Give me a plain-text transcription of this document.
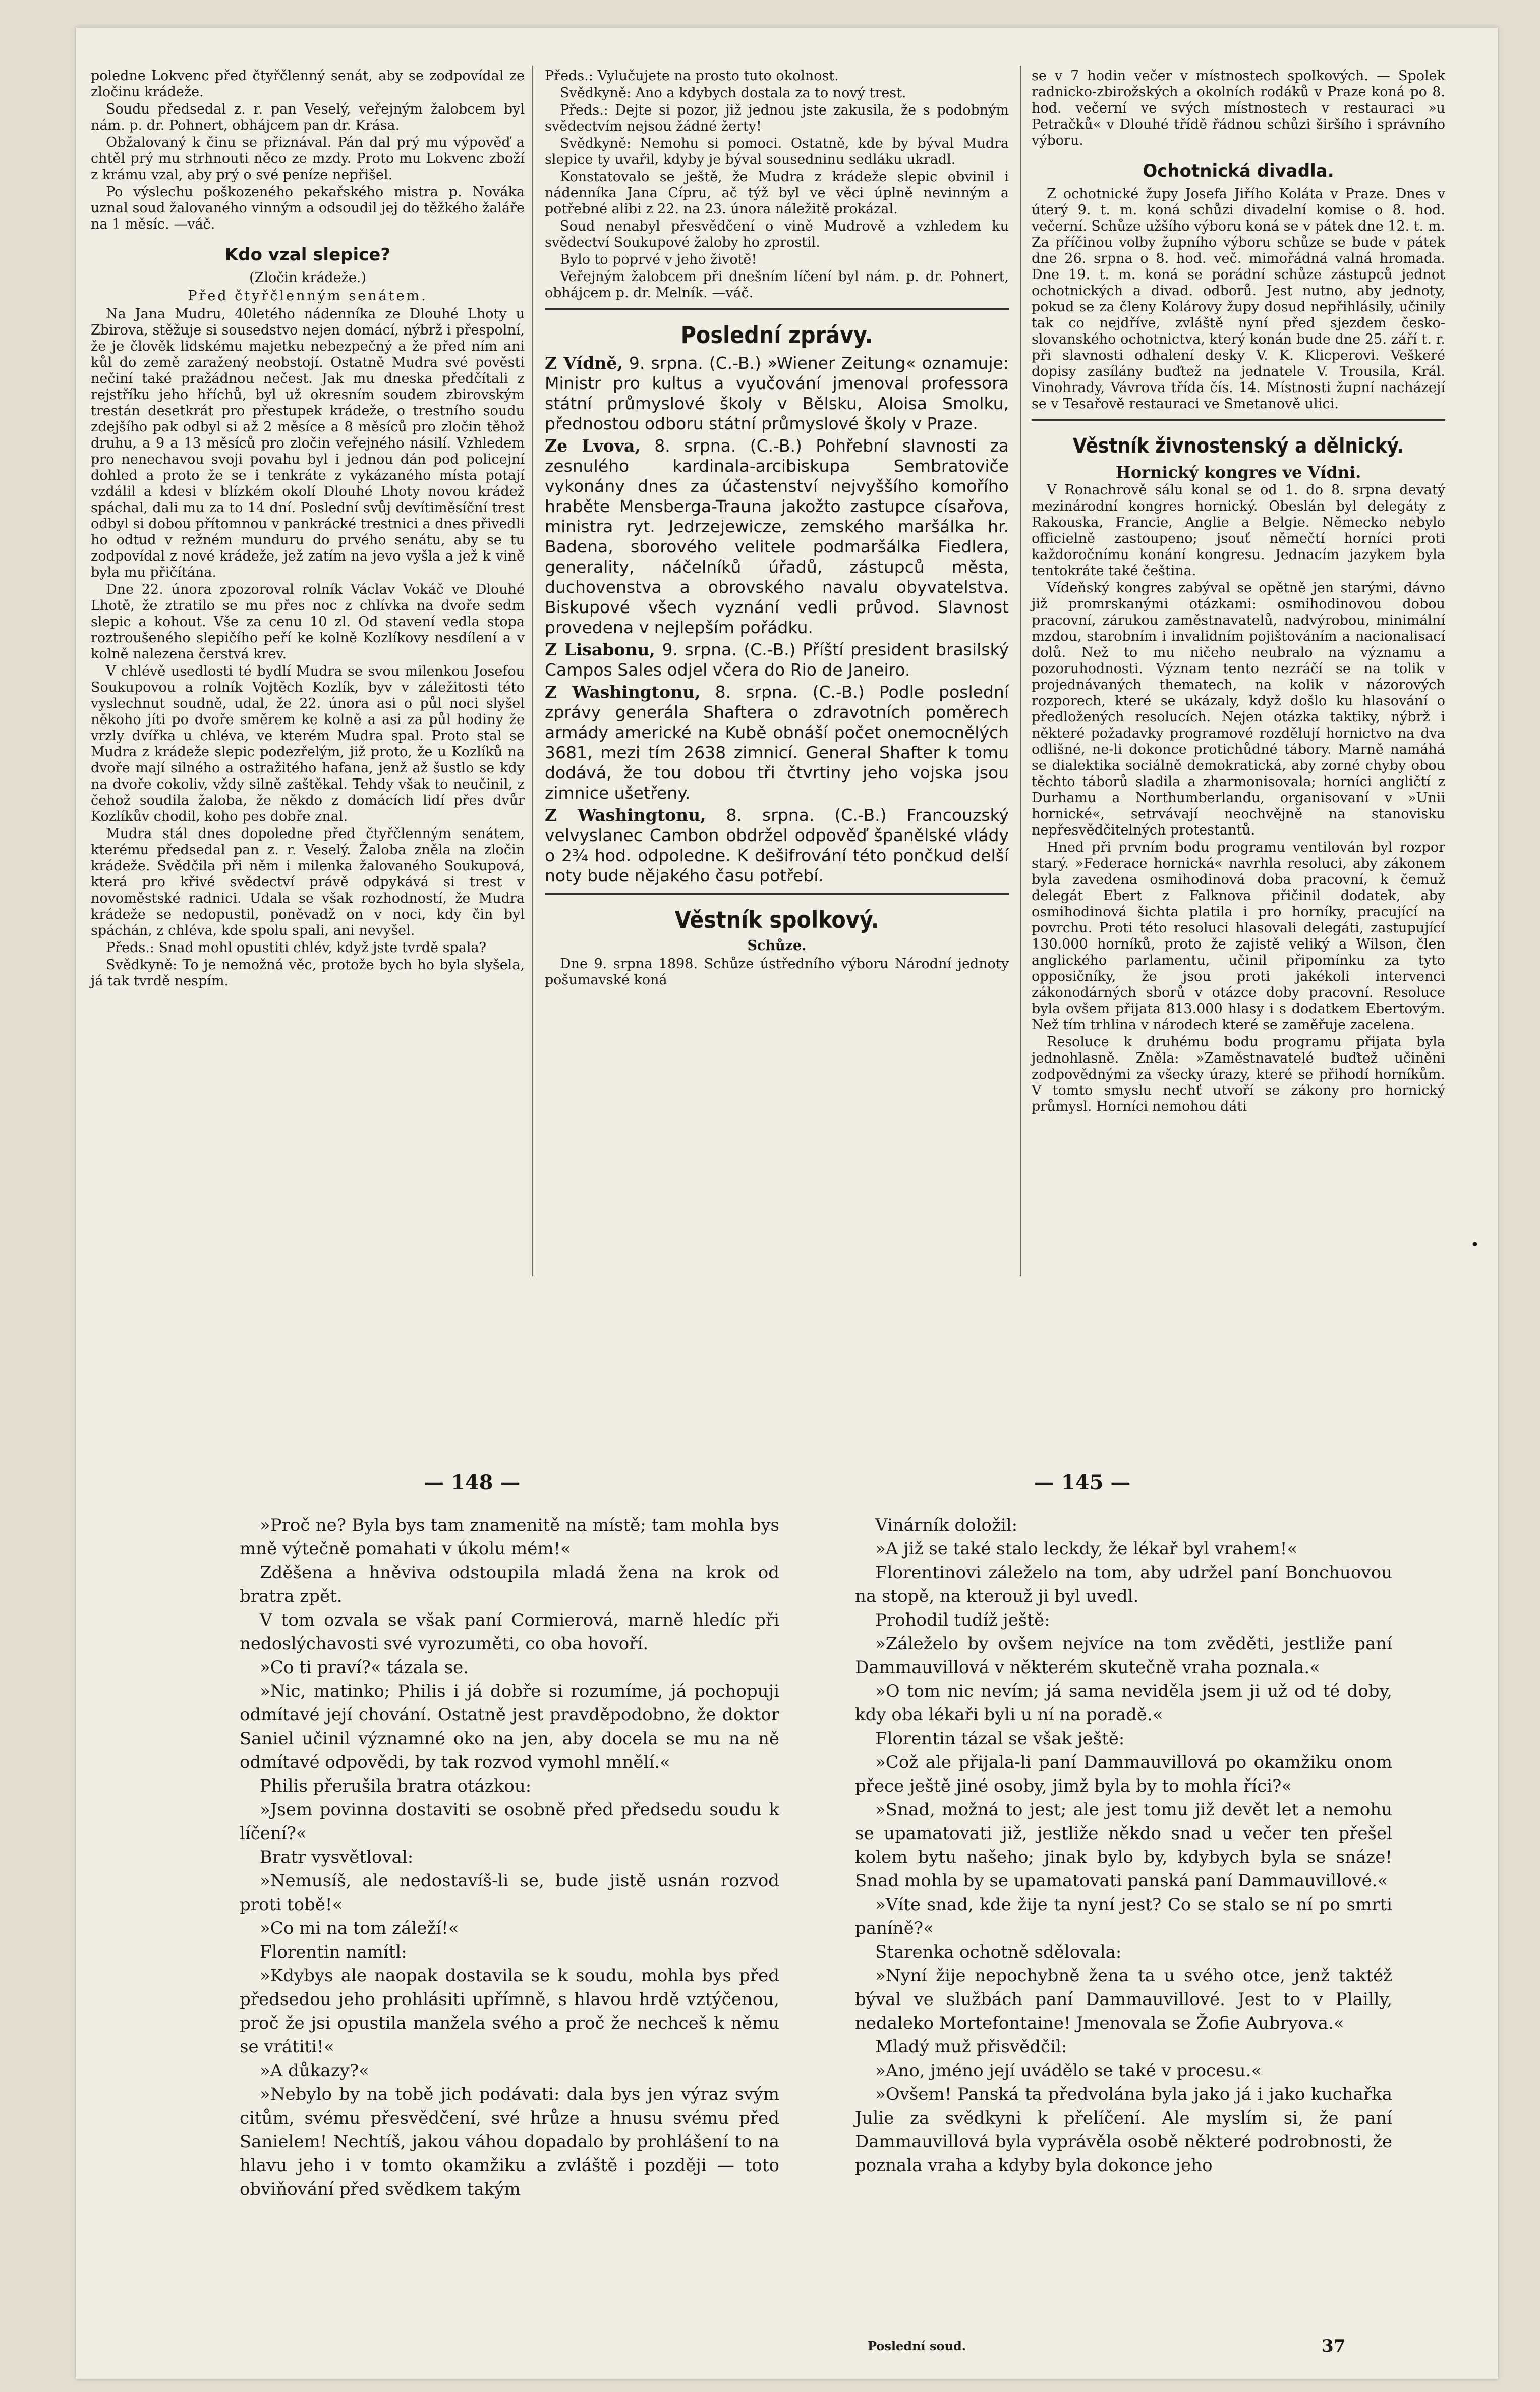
poledne Lokvenc před čtyřčlenný senát, aby se zodpovídal ze zločinu krádeže.

Soudu předsedal z. r. pan Veselý, veřejným žalobcem byl nám. p. dr. Pohnert, obhájcem pan dr. Krása.

Obžalovaný k činu se přiznával. Pán dal prý mu výpověď a chtěl prý mu strhnouti něco ze mzdy. Proto mu Lokvenc zboží z krámu vzal, aby prý o své peníze nepřišel.

Po výslechu poškozeného pekařského mistra p. Nováka uznal soud žalovaného vinným a odsoudil jej do těžkého žaláře na 1 měsíc. —váč.

Kdo vzal slepice?
(Zločin krádeže.)
Před čtyřčlenným senátem.

Na Jana Mudru, 40letého nádenníka ze Dlouhé Lhoty u Zbirova, stěžuje si sousedstvo nejen domácí, nýbrž i přespolní, že je člověk lidskému majetku nebezpečný a že před ním ani kůl do země zaražený neobstojí. Ostatně Mudra své pověsti nečiní také pražádnou nečest. Jak mu dneska předčítali z rejstříku jeho hříchů, byl už okresním soudem zbirovským trestán desetkrát pro přestupek krádeže, o trestního soudu zdejšího pak odbyl si až 2 měsíce a 8 měsíců pro zločin těhož druhu, a 9 a 13 měsíců pro zločin veřejného násilí. Vzhledem pro nenechavou svoji povahu byl i jednou dán pod policejní dohled a proto že se i tenkráte z vykázaného místa potají vzdálil a kdesi v blízkém okolí Dlouhé Lhoty novou krádež spáchal, dali mu za to 14 dní. Poslední svůj devítiměsíční trest odbyl si dobou přítomnou v pankrácké trestnici a dnes přivedli ho odtud v režném munduru do prvého senátu, aby se tu zodpovídal z nové krádeže, jež zatím na jevo vyšla a jež k vině byla mu přičítána.

Dne 22. února zpozoroval rolník Václav Vokáč ve Dlouhé Lhotě, že ztratilo se mu přes noc z chlívka na dvoře sedm slepic a kohout. Vše za cenu 10 zl. Od stavení vedla stopa roztroušeného slepičího peří ke kolně Kozlíkovy nesdílení a v kolně nalezena čerstvá krev.

V chlévě usedlosti té bydlí Mudra se svou milenkou Josefou Soukupovou a rolník Vojtěch Kozlík, byv v záležitosti této vyslechnut soudně, udal, že 22. února asi o půl noci slyšel někoho jíti po dvoře směrem ke kolně a asi za půl hodiny že vrzly dvířka u chléva, ve kterém Mudra spal. Proto stal se Mudra z krádeže slepic podezřelým, již proto, že u Kozlíků na dvoře mají silného a ostražitého hafana, jenž až šustlo se kdy na dvoře cokoliv, vždy silně zaštěkal. Tehdy však to neučinil, z čehož soudila žaloba, že někdo z domácích lidí přes dvůr Kozlíkův chodil, koho pes dobře znal.

Mudra stál dnes dopoledne před čtyřčlenným senátem, kterému předsedal pan z. r. Veselý. Žaloba zněla na zločin krádeže. Svědčila při něm i milenka žalovaného Soukupová, která pro křivé svědectví právě odpykává si trest v novoměstské radnici. Udala se však rozhodností, že Mudra krádeže se nedopustil, poněvadž on v noci, kdy čin byl spáchán, z chléva, kde spolu spali, ani nevyšel.

Předs.: Snad mohl opustiti chlév, když jste tvrdě spala?

Svědkyně: To je nemožná věc, protože bych ho byla slyšela, já tak tvrdě nespím.

Předs.: Vylučujete na prosto tuto okolnost.

Svědkyně: Ano a kdybych dostala za to nový trest.

Předs.: Dejte si pozor, již jednou jste zakusila, že s podobným svědectvím nejsou žádné žerty!

Svědkyně: Nemohu si pomoci. Ostatně, kde by býval Mudra slepice ty uvařil, kdyby je býval sousedninu sedláku ukradl.

Konstatovalo se ještě, že Mudra z krádeže slepic obvinil i nádenníka Jana Cípru, ač týž byl ve věci úplně nevinným a potřebné alibi z 22. na 23. února náležitě prokázal.

Soud nenabyl přesvědčení o vině Mudrově a vzhledem ku svědectví Soukupové žaloby ho zprostil.

Bylo to poprvé v jeho životě!

Veřejným žalobcem při dnešním líčení byl nám. p. dr. Pohnert, obhájcem p. dr. Melník. —váč.

Poslední zprávy.

Z Vídně, 9. srpna. (C.-B.) »Wiener Zeitung« oznamuje: Ministr pro kultus a vyučování jmenoval professora státní průmyslové školy v Bělsku, Aloisa Smolku, přednostou odboru státní průmyslové školy v Praze.

Ze Lvova, 8. srpna. (C.-B.) Pohřební slavnosti za zesnulého kardinala-arcibiskupa Sembratoviče vykonány dnes za účastenství nejvyššího komořího hraběte Mensberga-Trauna jakožto zastupce císařova, ministra ryt. Jedrzejewicze, zemského maršálka hr. Badena, sborového velitele podmaršálka Fiedlera, generality, náčelníků úřadů, zástupců města, duchovenstva a obrovského navalu obyvatelstva. Biskupové všech vyznání vedli průvod. Slavnost provedena v nejlepším pořádku.

Z Lisabonu, 9. srpna. (C.-B.) Příští president brasilský Campos Sales odjel včera do Rio de Janeiro.

Z Washingtonu, 8. srpna. (C.-B.) Podle poslední zprávy generála Shaftera o zdravotních poměrech armády americké na Kubě obnáší počet onemocnělých 3681, mezi tím 2638 zimnicí. General Shafter k tomu dodává, že tou dobou tři čtvrtiny jeho vojska jsou zimnice ušetřeny.

Z Washingtonu, 8. srpna. (C.-B.) Francouzský velvyslanec Cambon obdržel odpověď španělské vlády o 2¾ hod. odpoledne. K dešifrování této pončkud delší noty bude nějakého času potřebí.

Věstník spolkový.
Schůze.

Dne 9. srpna 1898. Schůze ústředního výboru Národní jednoty pošumavské koná

se v 7 hodin večer v místnostech spolkových. — Spolek radnicko-zbirožských a okolních rodáků v Praze koná po 8. hod. večerní ve svých místnostech v restauraci »u Petračků« v Dlouhé třídě řádnou schůzi širšího i správního výboru.

Ochotnická divadla.

Z ochotnické župy Josefa Jiřího Koláta v Praze. Dnes v úterý 9. t. m. koná schůzi divadelní komise o 8. hod. večerní. Schůze užšího výboru koná se v pátek dne 12. t. m. Za příčinou volby župního výboru schůze se bude v pátek dne 26. srpna o 8. hod. več. mimořádná valná hromada. Dne 19. t. m. koná se porádní schůze zástupců jednot ochotnických a divad. odborů. Jest nutno, aby jednoty, pokud se za členy Kolárovy župy dosud nepřihlásily, učinily tak co nejdříve, zvláště nyní před sjezdem česko-slovanského ochotnictva, který konán bude dne 25. září t. r. při slavnosti odhalení desky V. K. Klicperovi. Veškeré dopisy zasílány buďtež na jednatele V. Trousila, Král. Vinohrady, Vávrova třída čís. 14. Místnosti župní nacházejí se v Tesařově restauraci ve Smetanově ulici.

Věstník živnostenský a dělnický.
Hornický kongres ve Vídni.

V Ronachrově sálu konal se od 1. do 8. srpna devatý mezinárodní kongres hornický. Obeslán byl delegáty z Rakouska, Francie, Anglie a Belgie. Německo nebylo officielně zastoupeno; jsouť němečtí horníci proti každoročnímu konání kongresu. Jednacím jazykem byla tentokráte také čeština.

Vídeňský kongres zabýval se opětně jen starými, dávno již promrskanými otázkami: osmihodinovou dobou pracovní, zárukou zaměstnavatelů, nadvýrobou, minimální mzdou, starobním i invalidním pojištováním a nacionalisací dolů. Než to mu ničeho neubralo na významu a pozoruhodnosti. Význam tento nezráčí se na tolik v projednávaných thematech, na kolik v názorových rozporech, které se ukázaly, když došlo ku hlasování o předložených resolucích. Nejen otázka taktiky, nýbrž i některé požadavky programové rozdělují hornictvo na dva odlišné, ne-li dokonce protichůdné tábory. Marně namáhá se dialektika sociálně demokratická, aby zorné chyby obou těchto táborů sladila a zharmonisovala; horníci angličtí z Durhamu a Northumberlandu, organisovaní v »Unii hornické«, setrvávají neochvějně na stanovisku nepřesvědčitelných protestantů.

Hned při prvním bodu programu ventilován byl rozpor starý. »Federace hornická« navrhla resoluci, aby zákonem byla zavedena osmihodinová doba pracovní, k čemuž delegát Ebert z Falknova přičinil dodatek, aby osmihodinová šichta platila i pro horníky, pracující na povrchu. Proti této resoluci hlasovali delegáti, zastupující 130.000 horníků, proto že zajistě veliký a Wilson, člen anglického parlamentu, učinil připomínku za tyto opposičníky, že jsou proti jakékoli intervenci zákonodárných sborů v otázce doby pracovní. Resoluce byla ovšem přijata 813.000 hlasy i s dodatkem Ebertovým. Než tím trhlina v národech které se zaměřuje zacelena.

Resoluce k druhému bodu programu přijata byla jednohlasně. Zněla: »Zaměstnavatelé buďtež učiněni zodpovědnými za všecky úrazy, které se přihodí horníkům. V tomto smyslu nechť utvoří se zákony pro hornický průmysl. Horníci nemohou dáti

•
— 148 —	— 145 —

»Proč ne? Byla bys tam znamenitě na místě; tam mohla bys mně výtečně pomahati v úkolu mém!«

Zděšena a hněviva odstoupila mladá žena na krok od bratra zpět.

V tom ozvala se však paní Cormierová, marně hledíc při nedoslýchavosti své vyrozuměti, co oba hovoří.

»Co ti praví?« tázala se.

»Nic, matinko; Philis i já dobře si rozumíme, já pochopuji odmítavé její chování. Ostatně jest pravděpodobno, že doktor Saniel učinil významné oko na jen, aby docela se mu na ně odmítavé odpovědi, by tak rozvod vymohl mnělí.«

Philis přerušila bratra otázkou:

»Jsem povinna dostaviti se osobně před předsedu soudu k líčení?«

Bratr vysvětloval:

»Nemusíš, ale nedostavíš-li se, bude jistě usnán rozvod proti tobě!«

»Co mi na tom záleží!«

Florentin namítl:

»Kdybys ale naopak dostavila se k soudu, mohla bys před předsedou jeho prohlásiti upřímně, s hlavou hrdě vztýčenou, proč že jsi opustila manžela svého a proč že nechceš k němu se vrátiti!«

»A důkazy?«

»Nebylo by na tobě jich podávati: dala bys jen výraz svým citům, svému přesvědčení, své hrůze a hnusu svému před Sanielem! Nechtíš, jakou váhou dopadalo by prohlášení to na hlavu jeho i v tomto okamžiku a zvláště i později — toto obviňování před svědkem takým

Vinárník doložil:

»A již se také stalo leckdy, že lékař byl vrahem!«

Florentinovi záleželo na tom, aby udržel paní Bonchuovou na stopě, na kterouž ji byl uvedl.

Prohodil tudíž ještě:

»Záleželo by ovšem nejvíce na tom zvěděti, jestliže paní Dammauvillová v některém skutečně vraha poznala.«

»O tom nic nevím; já sama neviděla jsem ji už od té doby, kdy oba lékaři byli u ní na poradě.«

Florentin tázal se však ještě:

»Což ale přijala-li paní Dammauvillová po okamžiku onom přece ještě jiné osoby, jimž byla by to mohla říci?«

»Snad, možná to jest; ale jest tomu již devět let a nemohu se upamatovati již, jestliže někdo snad u večer ten přešel kolem bytu našeho; jinak bylo by, kdybych byla se snáze! Snad mohla by se upamatovati panská paní Dammauvillové.«

»Víte snad, kde žije ta nyní jest? Co se stalo se ní po smrti paníně?«

Starenka ochotně sdělovala:

»Nyní žije nepochybně žena ta u svého otce, jenž taktéž býval ve službách paní Dammauvillové. Jest to v Plailly, nedaleko Mortefontaine! Jmenovala se Žofie Aubryova.«

Mladý muž přisvědčil:

»Ano, jméno její uvádělo se také v procesu.«

»Ovšem! Panská ta předvolána byla jako já i jako kuchařka Julie za svědkyni k přelíčení. Ale myslím si, že paní Dammauvillová byla vyprávěla osobě některé podrobnosti, že poznala vraha a kdyby byla dokonce jeho

Poslední soud.	37
